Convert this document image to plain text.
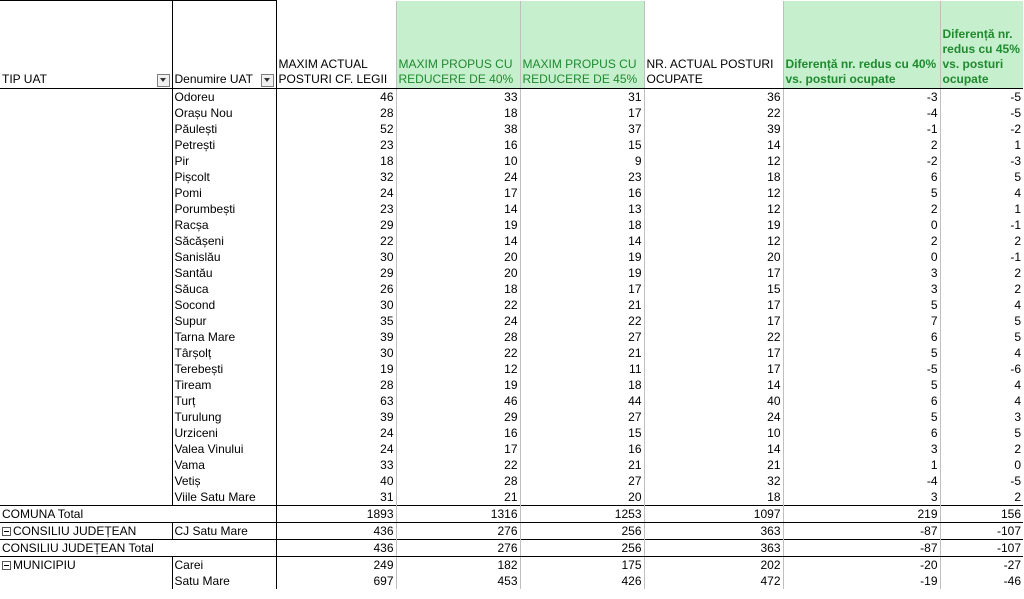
TIP UAT	Denumire UAT	MAXIM ACTUAL POSTURI CF. LEGII	MAXIM PROPUS CU REDUCERE DE 40%	MAXIM PROPUS CU REDUCERE DE 45%	NR. ACTUAL POSTURI OCUPATE	Diferență nr. redus cu 40% vs. posturi ocupate	Diferență nr. redus cu 45% vs. posturi ocupate
	Odoreu	46	33	31	36	-3	-5
	Orașu Nou	28	18	17	22	-4	-5
	Păulești	52	38	37	39	-1	-2
	Petrești	23	16	15	14	2	1
	Pir	18	10	9	12	-2	-3
	Pișcolt	32	24	23	18	6	5
	Pomi	24	17	16	12	5	4
	Porumbești	23	14	13	12	2	1
	Racșa	29	19	18	19	0	-1
	Săcășeni	22	14	14	12	2	2
	Sanislău	30	20	19	20	0	-1
	Santău	29	20	19	17	3	2
	Săuca	26	18	17	15	3	2
	Socond	30	22	21	17	5	4
	Supur	35	24	22	17	7	5
	Tarna Mare	39	28	27	22	6	5
	Târșolț	30	22	21	17	5	4
	Terebești	19	12	11	17	-5	-6
	Tiream	28	19	18	14	5	4
	Turț	63	46	44	40	6	4
	Turulung	39	29	27	24	5	3
	Urziceni	24	16	15	10	6	5
	Valea Vinului	24	17	16	14	3	2
	Vama	33	22	21	21	1	0
	Vetiș	40	28	27	32	-4	-5
	Viile Satu Mare	31	21	20	18	3	2
COMUNA Total		1893	1316	1253	1097	219	156
CONSILIU JUDEȚEAN	CJ Satu Mare	436	276	256	363	-87	-107
CONSILIU JUDEȚEAN Total		436	276	256	363	-87	-107
MUNICIPIU	Carei	249	182	175	202	-20	-27
	Satu Mare	697	453	426	472	-19	-46
